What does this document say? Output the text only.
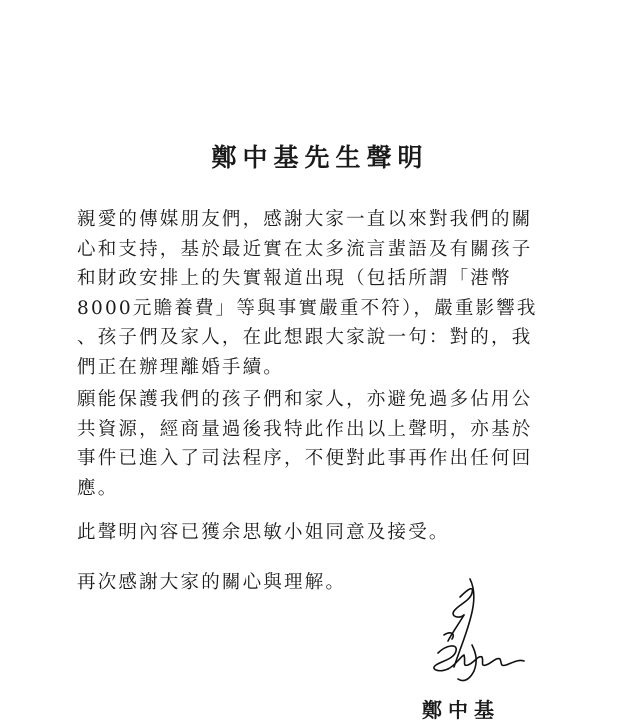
鄭中基先生聲明

親愛的傳媒朋友們，感謝大家一直以來對我們的關
心和支持，基於最近實在太多流言蜚語及有關孩子
和財政安排上的失實報道出現（包括所謂「港幣
8000元贍養費」等與事實嚴重不符），嚴重影響我
、孩子們及家人，在此想跟大家說一句：對的，我
們正在辦理離婚手續。

願能保護我們的孩子們和家人，亦避免過多佔用公
共資源，經商量過後我特此作出以上聲明，亦基於
事件已進入了司法程序，不便對此事再作出任何回
應。

此聲明內容已獲余思敏小姐同意及接受。

再次感謝大家的關心與理解。

鄭中基
